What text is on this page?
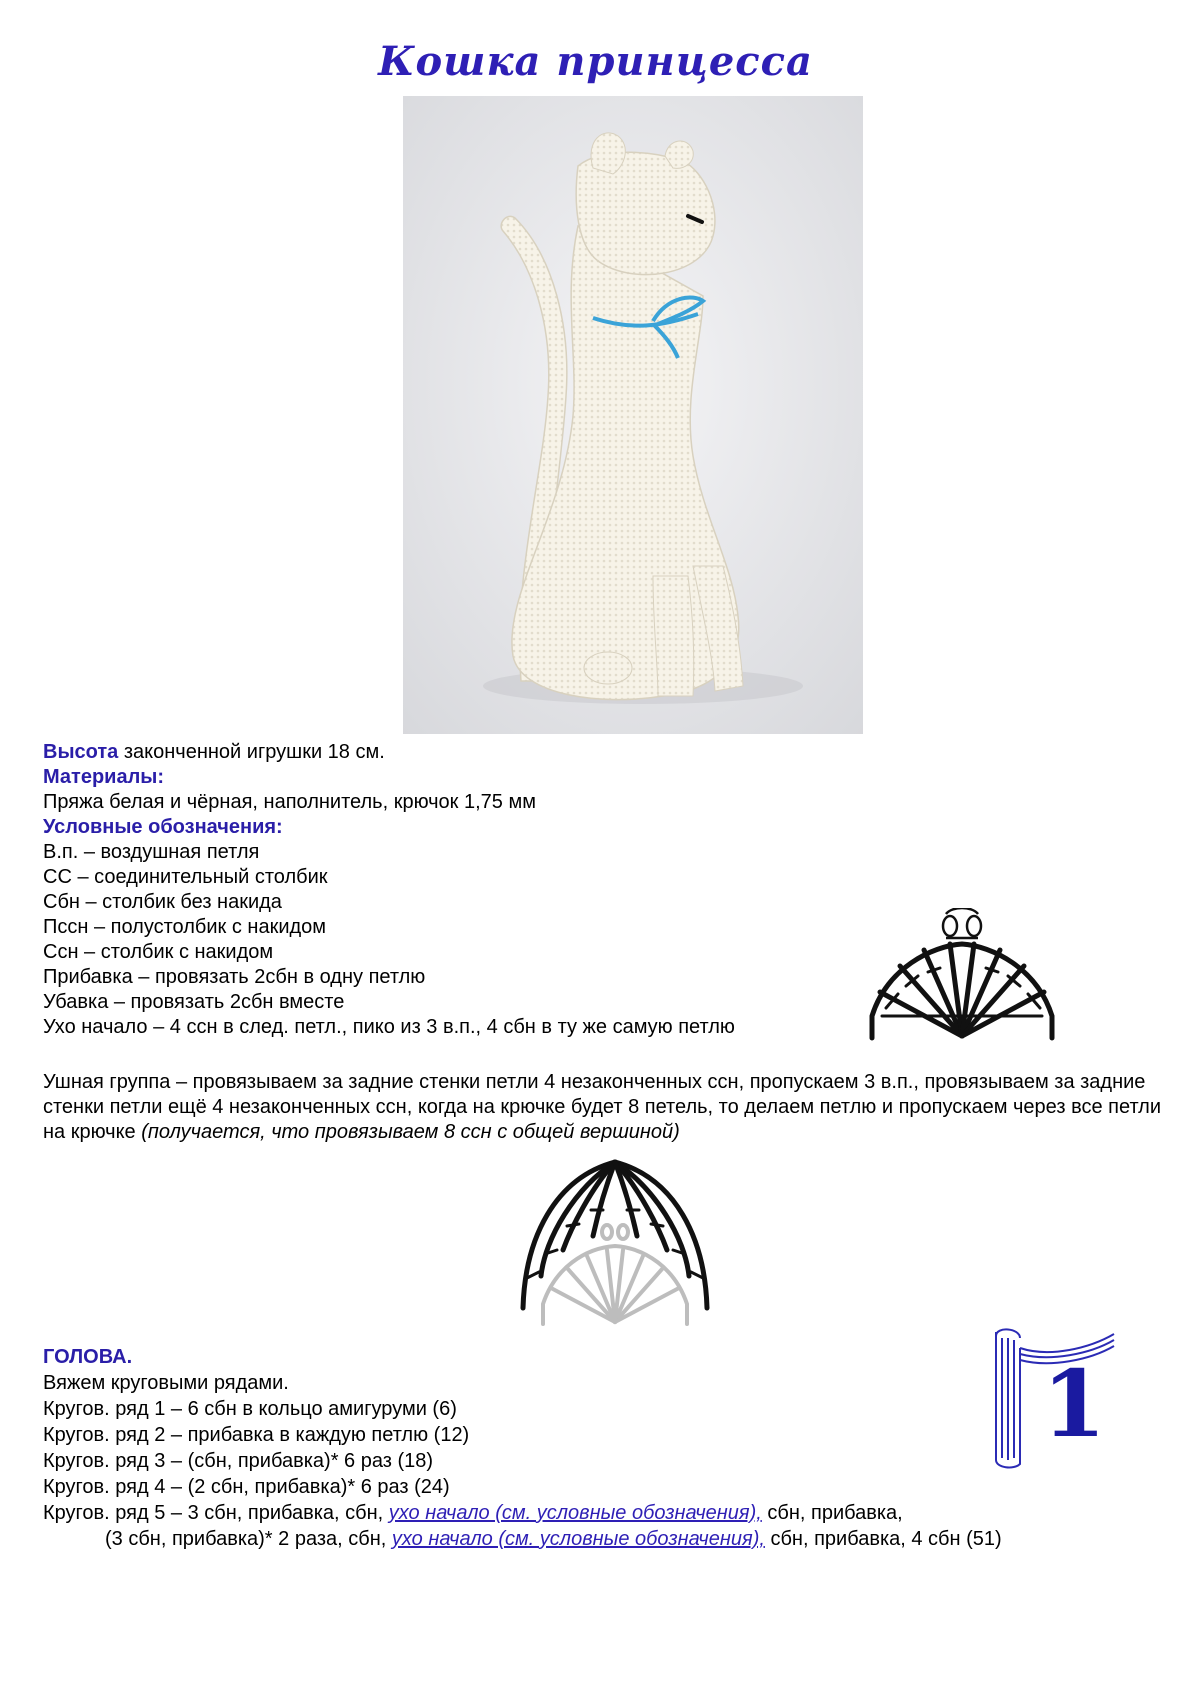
Кошка принцесса
Высота законченной игрушки 18 см.
Материалы:
Пряжа белая и чёрная, наполнитель, крючок 1,75 мм
Условные обозначения:
В.п. – воздушная петля
СС – соединительный столбик
Сбн – столбик без накида
Пссн – полустолбик с накидом
Ссн – столбик с накидом
Прибавка – провязать 2сбн в одну петлю
Убавка – провязать 2сбн вместе
Ухо начало – 4 ссн в след. петл., пико из 3 в.п., 4 сбн в ту же самую петлю
Ушная группа – провязываем за задние стенки петли 4 незаконченных ссн, пропускаем 3 в.п., провязываем за задние стенки петли ещё 4 незаконченных ссн, когда на крючке будет 8 петель, то делаем петлю и пропускаем через все петли на крючке (получается, что провязываем 8 ссн с общей вершиной)
ГОЛОВА.
Вяжем круговыми рядами.
Кругов. ряд 1 – 6 сбн в кольцо амигуруми (6)
Кругов. ряд 2 – прибавка в каждую петлю (12)
Кругов. ряд 3 – (сбн, прибавка)* 6 раз (18)
Кругов. ряд 4 – (2 сбн, прибавка)* 6 раз (24)
Кругов. ряд 5 – 3 сбн, прибавка, сбн, ухо начало (см. условные обозначения), сбн, прибавка,
(3 сбн, прибавка)* 2 раза, сбн, ухо начало (см. условные обозначения), сбн, прибавка, 4 сбн (51)
1
